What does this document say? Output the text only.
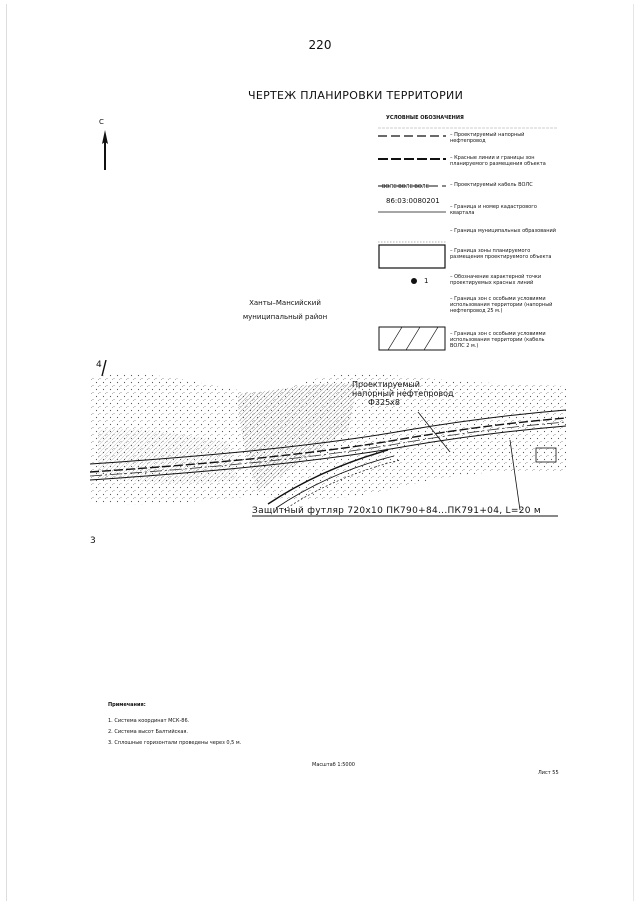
220
ЧЕРТЕЖ ПЛАНИРОВКИ ТЕРРИТОРИИ
С	УСЛОВНЫЕ ОБОЗНАЧЕНИЯ
– Проектируемый напорный нефтепровод
– Красные линии и границы зон планируемого размещения объекта
ВОЛС ВОЛС ВОЛС	– Проектируемый кабель ВОЛС
86:03:0080201
– Граница и номер кадастрового квартала
– Граница муниципальных образований
– Граница зоны планируемого размещения проектируемого объекта
1	– Обозначение характерной точки проектируемых красных линий
– Граница зон с особыми условиями использования территории (напорный нефтепровод 25 м.)
– Граница зон с особыми условиями использования территории (кабель ВОЛС 2 м.)
Ханты–Мансийский
муниципальный район
Проектируемый
напорный нефтепровод
Ф325х8
Защитный футляр 720х10 ПК790+84...ПК791+04, L=20 м
4
3
Примечания:
1. Система координат МСК-86.
2. Система высот Балтийская.
3. Сплошные горизонтали проведены через 0,5 м.
Масштаб 1:5000
Лист 55
